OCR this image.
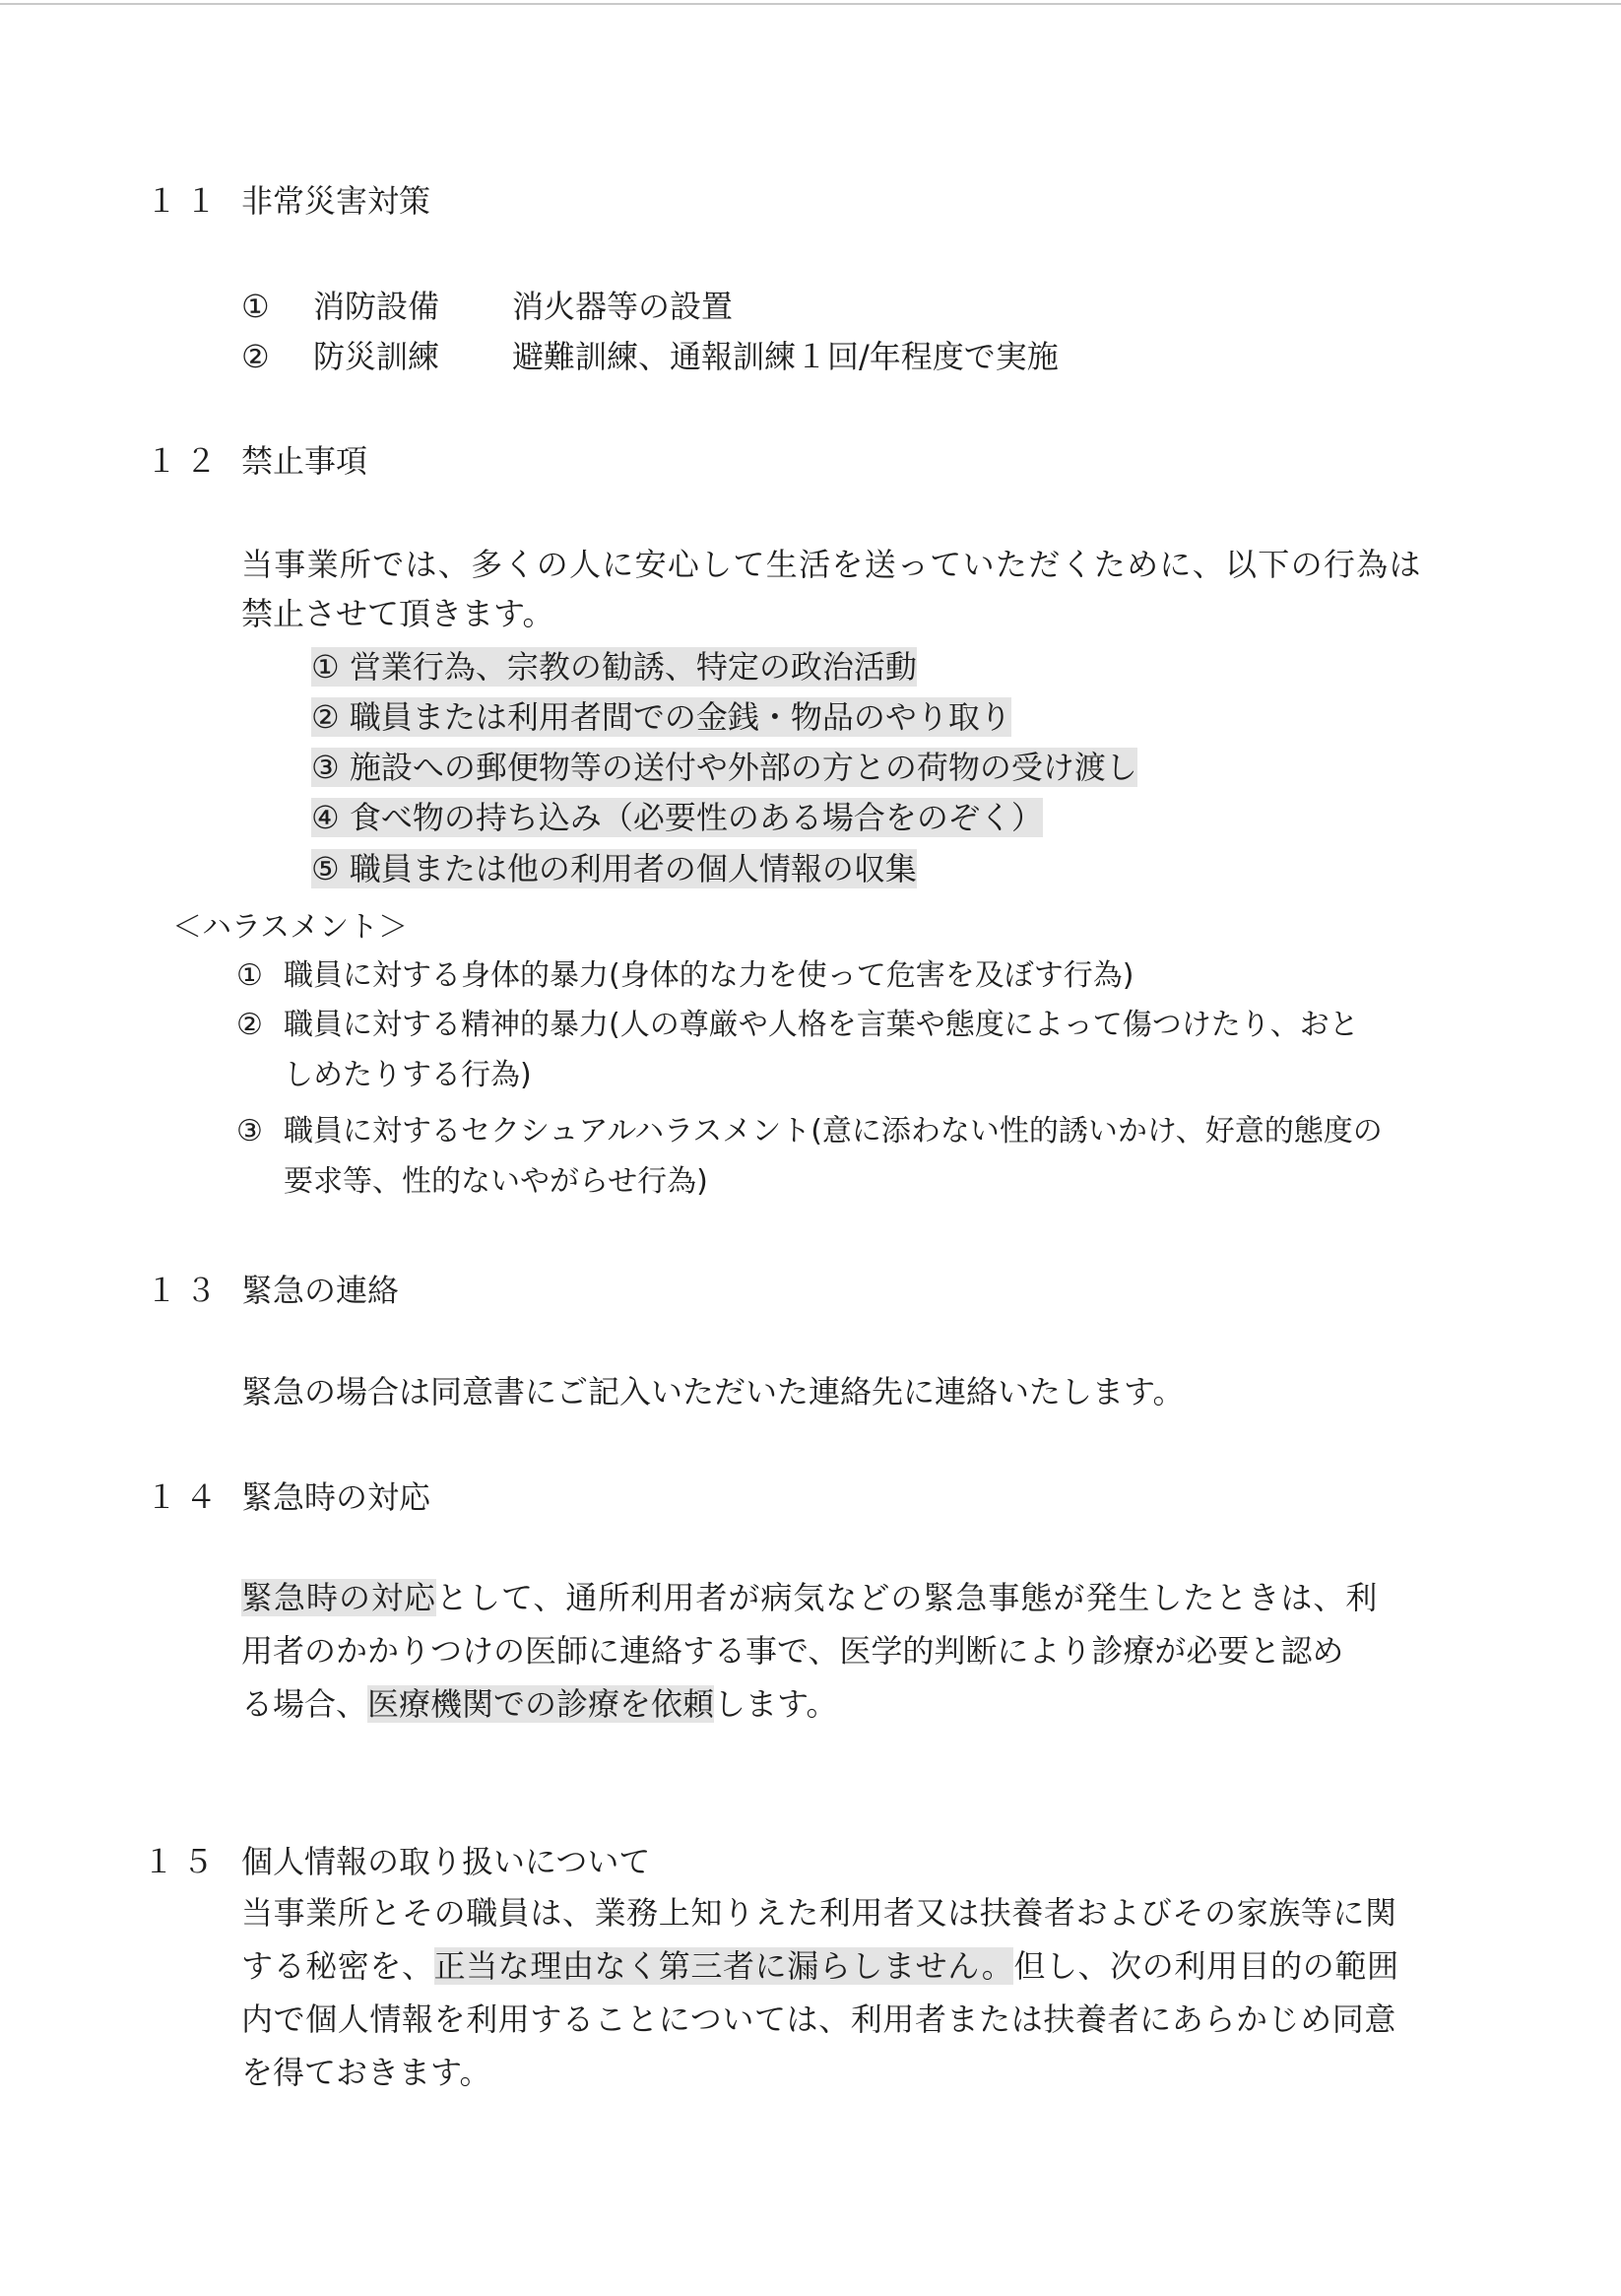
１１ 非常災害対策
① 消防設備 消火器等の設置
② 防災訓練 避難訓練、通報訓練１回/年程度で実施
１２ 禁止事項
当事業所では、多くの人に安心して生活を送っていただくために、以下の行為は
禁止させて頂きます。
① 営業行為、宗教の勧誘、特定の政治活動
② 職員または利用者間での金銭・物品のやり取り
③ 施設への郵便物等の送付や外部の方との荷物の受け渡し
④ 食べ物の持ち込み（必要性のある場合をのぞく）
⑤ 職員または他の利用者の個人情報の収集
＜ハラスメント＞
① 職員に対する身体的暴力(身体的な力を使って危害を及ぼす行為)
② 職員に対する精神的暴力(人の尊厳や人格を言葉や態度によって傷つけたり、おと
しめたりする行為)
③ 職員に対するセクシュアルハラスメント(意に添わない性的誘いかけ、好意的態度の
要求等、性的ないやがらせ行為)
１３ 緊急の連絡
緊急の場合は同意書にご記入いただいた連絡先に連絡いたします。
１４ 緊急時の対応
緊急時の対応として、通所利用者が病気などの緊急事態が発生したときは、利
用者のかかりつけの医師に連絡する事で、医学的判断により診療が必要と認め
る場合、医療機関での診療を依頼します。
１５ 個人情報の取り扱いについて
当事業所とその職員は、業務上知りえた利用者又は扶養者およびその家族等に関
する秘密を、正当な理由なく第三者に漏らしません。但し、次の利用目的の範囲
内で個人情報を利用することについては、利用者または扶養者にあらかじめ同意
を得ておきます。
